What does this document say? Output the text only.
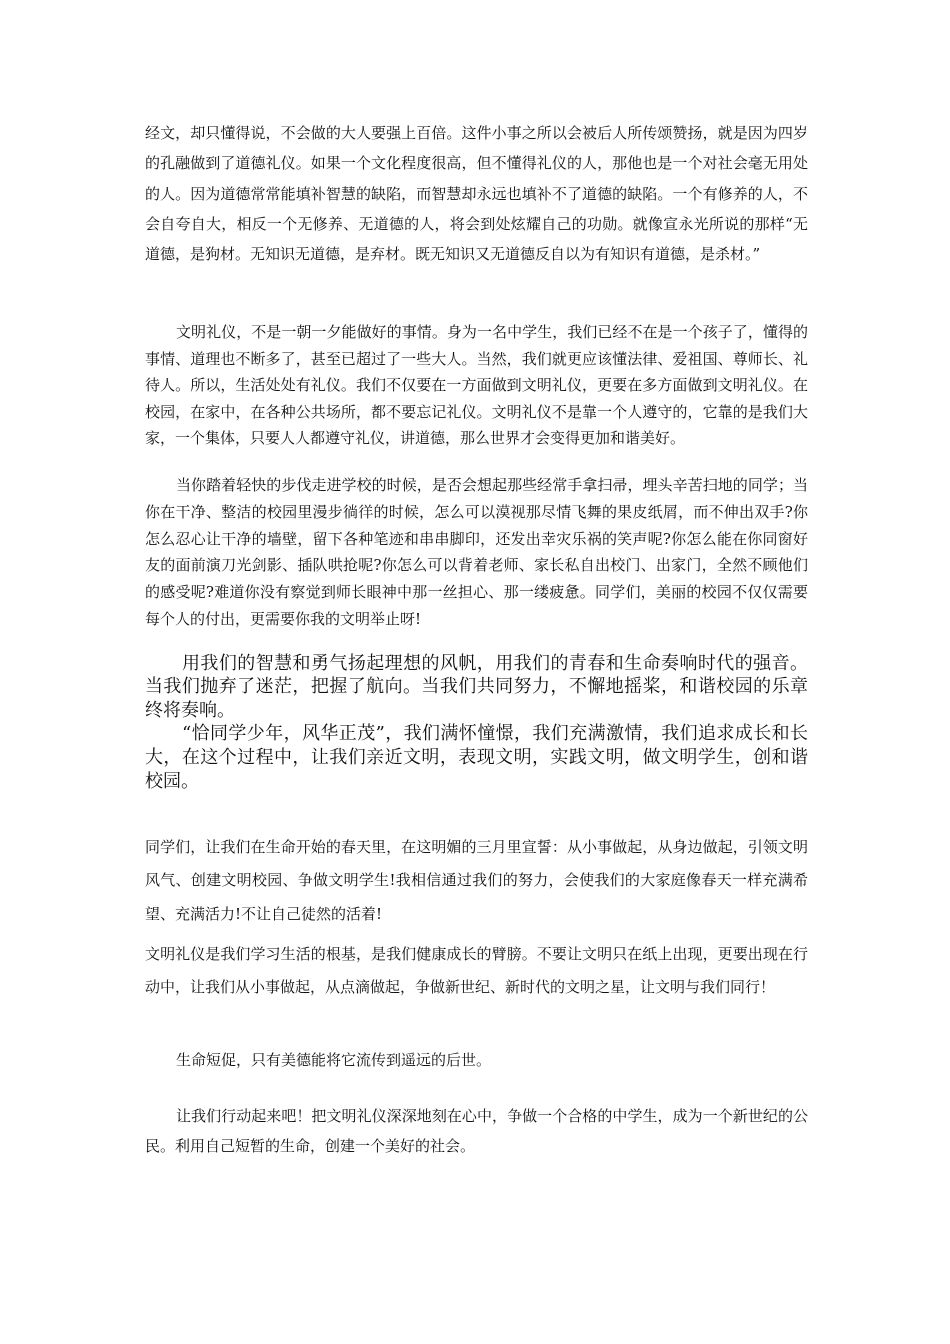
经文，却只懂得说，不会做的大人要强上百倍。这件小事之所以会被后人所传颂赞扬，就是因为四岁的孔融做到了道德礼仪。如果一个文化程度很高，但不懂得礼仪的人，那他也是一个对社会毫无用处的人。因为道德常常能填补智慧的缺陷，而智慧却永远也填补不了道德的缺陷。一个有修养的人，不会自夸自大，相反一个无修养、无道德的人，将会到处炫耀自己的功勋。就像宣永光所说的那样“无道德，是狗材。无知识无道德，是弃材。既无知识又无道德反自以为有知识有道德，是杀材。”

文明礼仪，不是一朝一夕能做好的事情。身为一名中学生，我们已经不在是一个孩子了，懂得的事情、道理也不断多了，甚至已超过了一些大人。当然，我们就更应该懂法律、爱祖国、尊师长、礼待人。所以，生活处处有礼仪。我们不仅要在一方面做到文明礼仪，更要在多方面做到文明礼仪。在校园，在家中，在各种公共场所，都不要忘记礼仪。文明礼仪不是靠一个人遵守的，它靠的是我们大家，一个集体，只要人人都遵守礼仪，讲道德，那么世界才会变得更加和谐美好。

当你踏着轻快的步伐走进学校的时候，是否会想起那些经常手拿扫帚，埋头辛苦扫地的同学；当你在干净、整洁的校园里漫步徜徉的时候，怎么可以漠视那尽情飞舞的果皮纸屑，而不伸出双手?你怎么忍心让干净的墙壁，留下各种笔迹和串串脚印，还发出幸灾乐祸的笑声呢?你怎么能在你同窗好友的面前演刀光剑影、插队哄抢呢?你怎么可以背着老师、家长私自出校门、出家门，全然不顾他们的感受呢?难道你没有察觉到师长眼神中那一丝担心、那一缕疲惫。同学们，美丽的校园不仅仅需要每个人的付出，更需要你我的文明举止呀!

用我们的智慧和勇气扬起理想的风帆，用我们的青春和生命奏响时代的强音。当我们抛弃了迷茫，把握了航向。当我们共同努力，不懈地摇桨，和谐校园的乐章终将奏响。

“恰同学少年，风华正茂”，我们满怀憧憬，我们充满激情，我们追求成长和长大，在这个过程中，让我们亲近文明，表现文明，实践文明，做文明学生，创和谐校园。

同学们，让我们在生命开始的春天里，在这明媚的三月里宣誓：从小事做起，从身边做起，引领文明风气、创建文明校园、争做文明学生!我相信通过我们的努力，会使我们的大家庭像春天一样充满希望、充满活力!不让自己徒然的活着!

文明礼仪是我们学习生活的根基，是我们健康成长的臂膀。不要让文明只在纸上出现，更要出现在行动中，让我们从小事做起，从点滴做起，争做新世纪、新时代的文明之星，让文明与我们同行！

生命短促，只有美德能将它流传到遥远的后世。

让我们行动起来吧！把文明礼仪深深地刻在心中，争做一个合格的中学生，成为一个新世纪的公民。利用自己短暂的生命，创建一个美好的社会。
